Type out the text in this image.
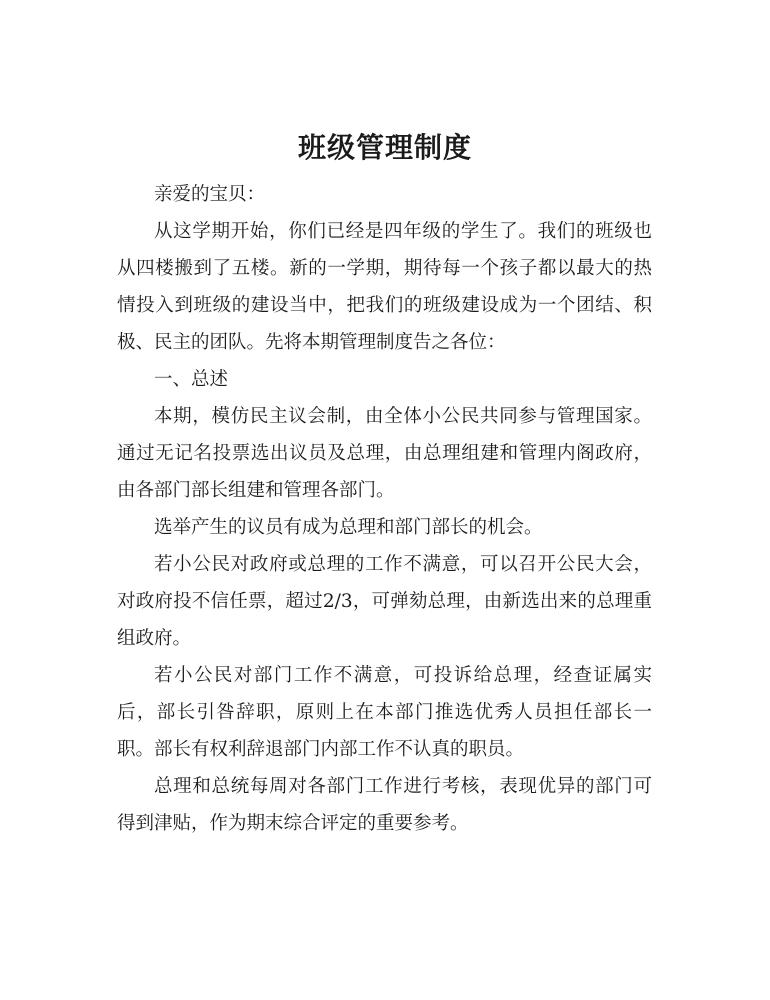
班级管理制度

亲爱的宝贝：

从这学期开始，你们已经是四年级的学生了。我们的班级也从四楼搬到了五楼。新的一学期，期待每一个孩子都以最大的热情投入到班级的建设当中，把我们的班级建设成为一个团结、积极、民主的团队。先将本期管理制度告之各位：

一、总述

本期，模仿民主议会制，由全体小公民共同参与管理国家。通过无记名投票选出议员及总理，由总理组建和管理内阁政府，由各部门部长组建和管理各部门。

选举产生的议员有成为总理和部门部长的机会。

若小公民对政府或总理的工作不满意，可以召开公民大会，对政府投不信任票，超过2/3，可弹劾总理，由新选出来的总理重组政府。

若小公民对部门工作不满意，可投诉给总理，经查证属实后，部长引咎辞职，原则上在本部门推选优秀人员担任部长一职。部长有权利辞退部门内部工作不认真的职员。

总理和总统每周对各部门工作进行考核，表现优异的部门可得到津贴，作为期末综合评定的重要参考。
